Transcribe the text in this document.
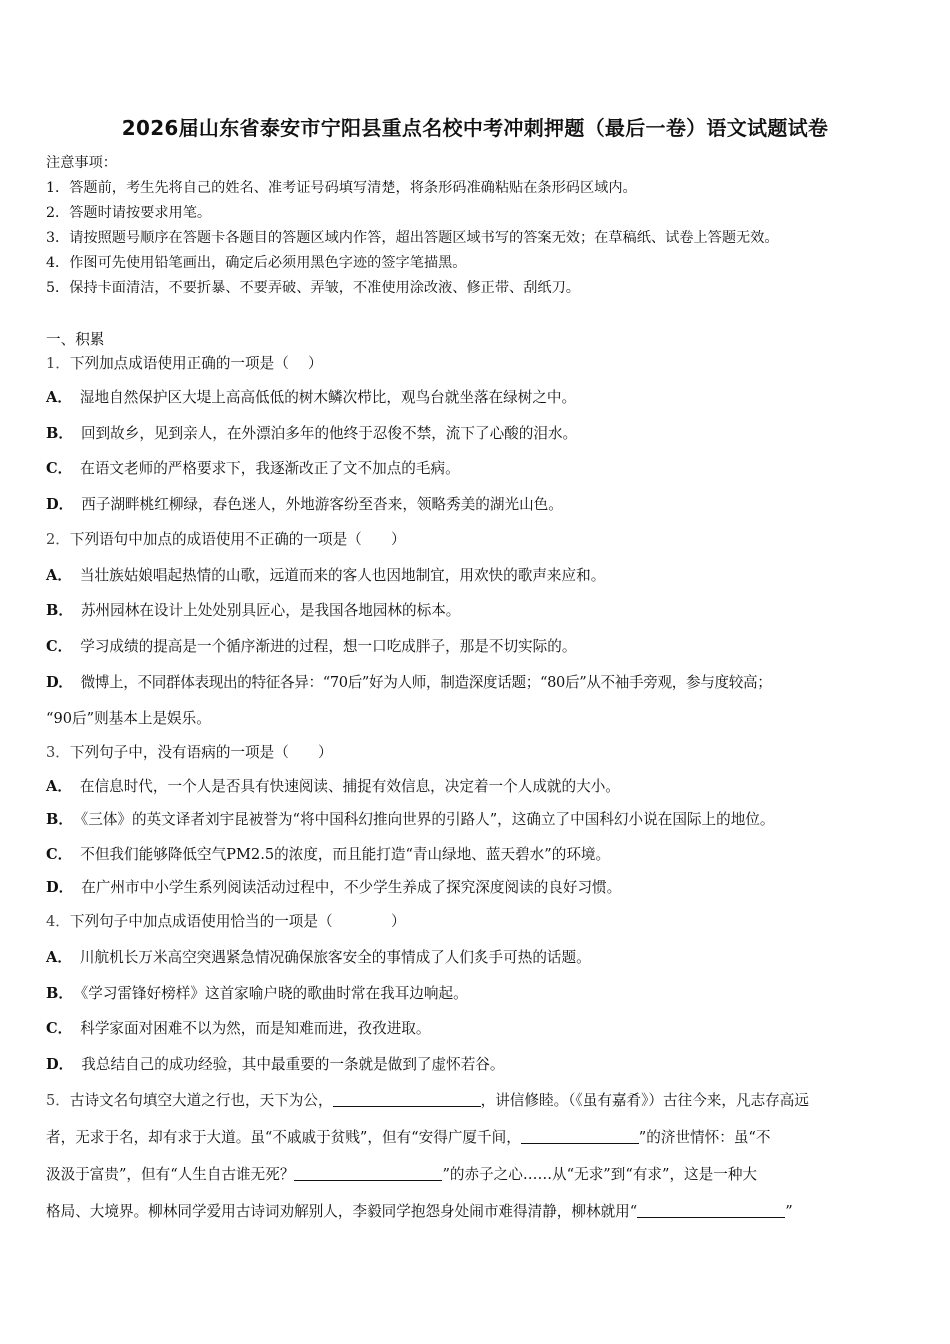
2026届山东省泰安市宁阳县重点名校中考冲刺押题（最后一卷）语文试题试卷
注意事项：
1．答题前，考生先将自己的姓名、准考证号码填写清楚，将条形码准确粘贴在条形码区域内。
2．答题时请按要求用笔。
3．请按照题号顺序在答题卡各题目的答题区域内作答，超出答题区域书写的答案无效；在草稿纸、试卷上答题无效。
4．作图可先使用铅笔画出，确定后必须用黑色字迹的签字笔描黑。
5．保持卡面清洁，不要折暴、不要弄破、弄皱，不准使用涂改液、修正带、刮纸刀。
一、积累
1．下列加点成语使用正确的一项是（　 ）
A． 湿地自然保护区大堤上高高低低的树木鳞次栉比，观鸟台就坐落在绿树之中。
B． 回到故乡，见到亲人，在外漂泊多年的他终于忍俊不禁，流下了心酸的泪水。
C． 在语文老师的严格要求下，我逐渐改正了文不加点的毛病。
D． 西子湖畔桃红柳绿，春色迷人，外地游客纷至沓来，领略秀美的湖光山色。
2．下列语句中加点的成语使用不正确的一项是（　　）
A． 当壮族姑娘唱起热情的山歌，远道而来的客人也因地制宜，用欢快的歌声来应和。
B． 苏州园林在设计上处处别具匠心，是我国各地园林的标本。
C． 学习成绩的提高是一个循序渐进的过程，想一口吃成胖子，那是不切实际的。
D． 微博上，不同群体表现出的特征各异：“70后”好为人师，制造深度话题；“80后”从不袖手旁观，参与度较高；
“90后”则基本上是娱乐。
3．下列句子中，没有语病的一项是（　　）
A． 在信息时代，一个人是否具有快速阅读、捕捉有效信息，决定着一个人成就的大小。
B． 《三体》的英文译者刘宇昆被誉为“将中国科幻推向世界的引路人”，这确立了中国科幻小说在国际上的地位。
C． 不但我们能够降低空气PM2.5的浓度，而且能打造“青山绿地、蓝天碧水”的环境。
D． 在广州市中小学生系列阅读活动过程中，不少学生养成了探究深度阅读的良好习惯。
4．下列句子中加点成语使用恰当的一项是（　　　　）
A． 川航机长万米高空突遇紧急情况确保旅客安全的事情成了人们炙手可热的话题。
B． 《学习雷锋好榜样》这首家喻户晓的歌曲时常在我耳边响起。
C． 科学家面对困难不以为然，而是知难而进，孜孜进取。
D． 我总结自己的成功经验，其中最重要的一条就是做到了虚怀若谷。
5．古诗文名句填空大道之行也，天下为公，	，讲信修睦。（《虽有嘉肴》）古往今来，凡志存高远
者，无求于名，却有求于大道。虽“不戚戚于贫贱”，但有“安得广厦千间，	”的济世情怀：虽“不
汲汲于富贵”，但有“人生自古谁无死？	”的赤子之心……从“无求”到“有求”，这是一种大
格局、大境界。柳林同学爱用古诗词劝解别人，李毅同学抱怨身处闹市难得清静，柳林就用“	”
